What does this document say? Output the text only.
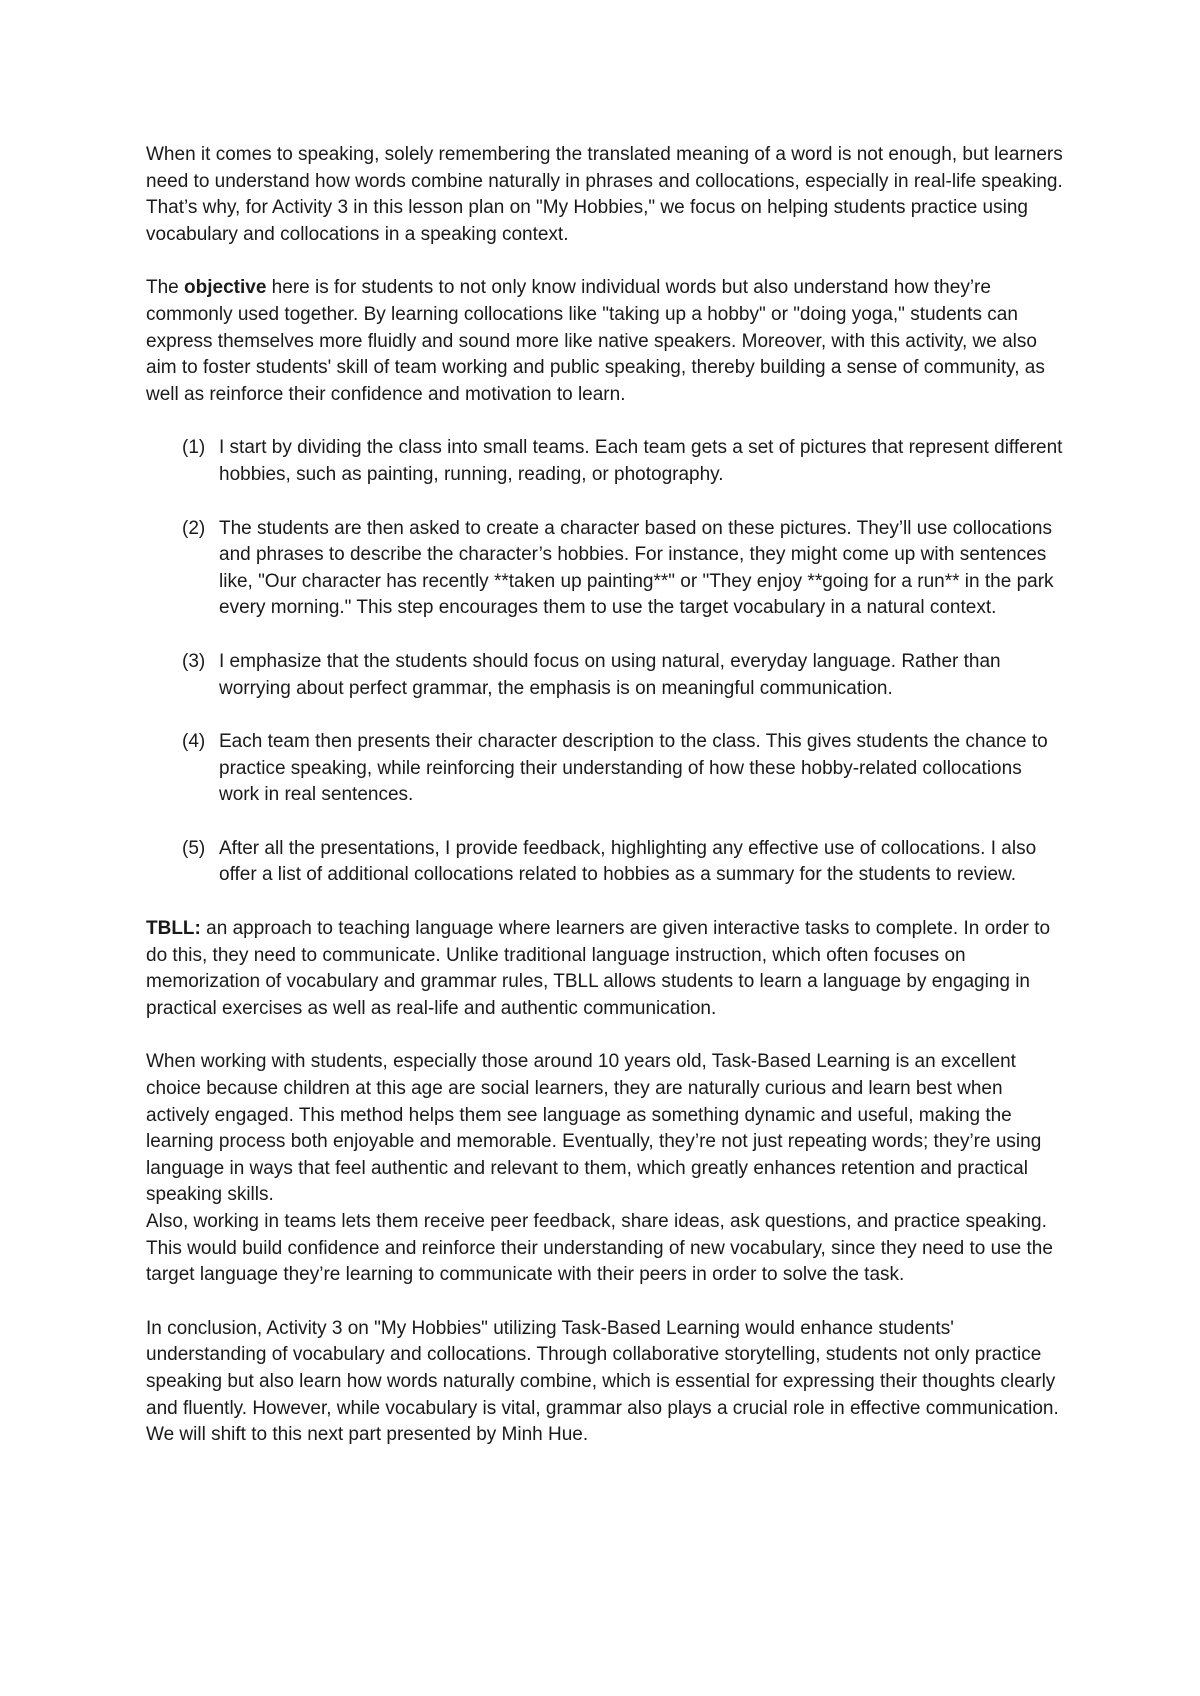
When it comes to speaking, solely remembering the translated meaning of a word is not enough, but learners need to understand how words combine naturally in phrases and collocations, especially in real-life speaking. That’s why, for Activity 3 in this lesson plan on "My Hobbies," we focus on helping students practice using vocabulary and collocations in a speaking context.

The objective here is for students to not only know individual words but also understand how they’re commonly used together. By learning collocations like "taking up a hobby" or "doing yoga," students can express themselves more fluidly and sound more like native speakers. Moreover, with this activity, we also aim to foster students' skill of team working and public speaking, thereby building a sense of community, as well as reinforce their confidence and motivation to learn.

(1) I start by dividing the class into small teams. Each team gets a set of pictures that represent different hobbies, such as painting, running, reading, or photography.
(2) The students are then asked to create a character based on these pictures. They’ll use collocations and phrases to describe the character’s hobbies. For instance, they might come up with sentences like, "Our character has recently **taken up painting**" or "They enjoy **going for a run** in the park every morning." This step encourages them to use the target vocabulary in a natural context.
(3) I emphasize that the students should focus on using natural, everyday language. Rather than worrying about perfect grammar, the emphasis is on meaningful communication.
(4) Each team then presents their character description to the class. This gives students the chance to practice speaking, while reinforcing their understanding of how these hobby-related collocations work in real sentences.
(5) After all the presentations, I provide feedback, highlighting any effective use of collocations. I also offer a list of additional collocations related to hobbies as a summary for the students to review.

TBLL: an approach to teaching language where learners are given interactive tasks to complete. In order to do this, they need to communicate. Unlike traditional language instruction, which often focuses on memorization of vocabulary and grammar rules, TBLL allows students to learn a language by engaging in practical exercises as well as real-life and authentic communication.

When working with students, especially those around 10 years old, Task-Based Learning is an excellent choice because children at this age are social learners, they are naturally curious and learn best when actively engaged. This method helps them see language as something dynamic and useful, making the learning process both enjoyable and memorable. Eventually, they’re not just repeating words; they’re using language in ways that feel authentic and relevant to them, which greatly enhances retention and practical speaking skills.

Also, working in teams lets them receive peer feedback, share ideas, ask questions, and practice speaking. This would build confidence and reinforce their understanding of new vocabulary, since they need to use the target language they’re learning to communicate with their peers in order to solve the task.

In conclusion, Activity 3 on "My Hobbies" utilizing Task-Based Learning would enhance students' understanding of vocabulary and collocations. Through collaborative storytelling, students not only practice speaking but also learn how words naturally combine, which is essential for expressing their thoughts clearly and fluently. However, while vocabulary is vital, grammar also plays a crucial role in effective communication. We will shift to this next part presented by Minh Hue.
